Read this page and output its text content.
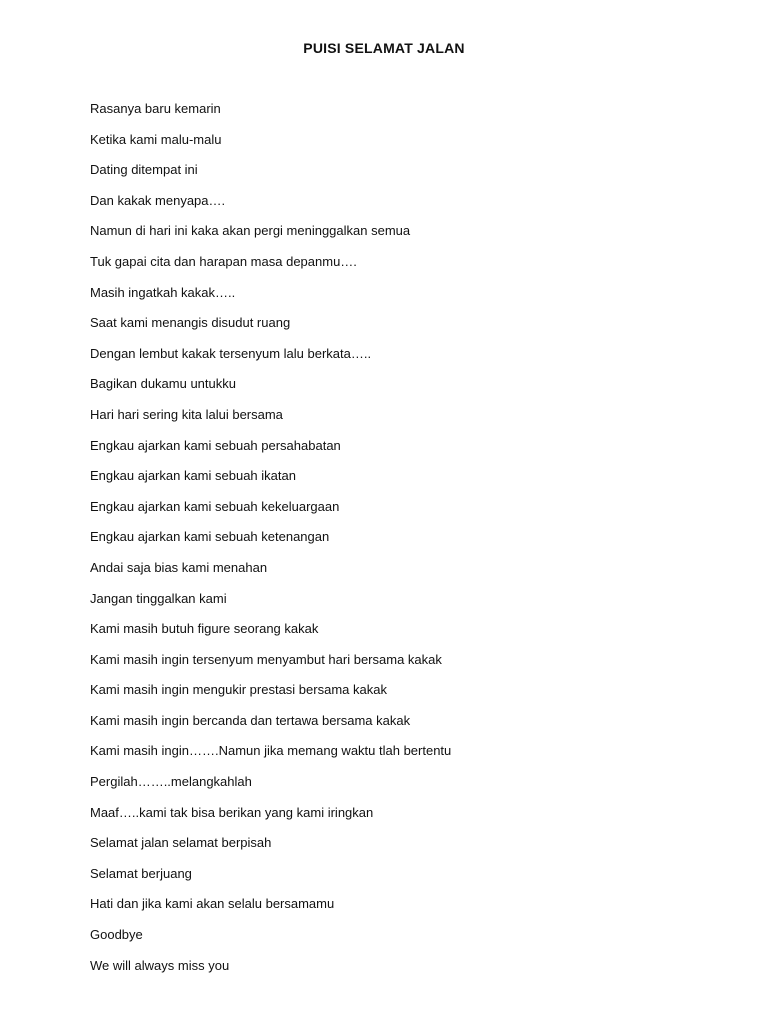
PUISI SELAMAT JALAN
Rasanya baru kemarin
Ketika kami malu-malu
Dating ditempat ini
Dan kakak menyapa….
Namun di hari ini kaka akan pergi meninggalkan semua
Tuk gapai cita dan harapan masa depanmu….
Masih ingatkah kakak…..
Saat kami menangis disudut ruang
Dengan lembut kakak tersenyum lalu berkata…..
Bagikan dukamu untukku
Hari hari sering kita lalui bersama
Engkau ajarkan kami sebuah persahabatan
Engkau ajarkan kami sebuah ikatan
Engkau ajarkan kami sebuah kekeluargaan
Engkau ajarkan kami sebuah ketenangan
Andai saja bias kami menahan
Jangan tinggalkan kami
Kami masih butuh figure seorang kakak
Kami masih ingin tersenyum menyambut hari bersama kakak
Kami masih ingin mengukir prestasi bersama kakak
Kami masih ingin bercanda dan tertawa bersama kakak
Kami masih ingin…….Namun jika memang waktu tlah bertentu
Pergilah……..melangkahlah
Maaf…..kami tak bisa berikan yang kami iringkan
Selamat jalan selamat berpisah
Selamat berjuang
Hati dan jika kami akan selalu bersamamu
Goodbye
We will always miss you
